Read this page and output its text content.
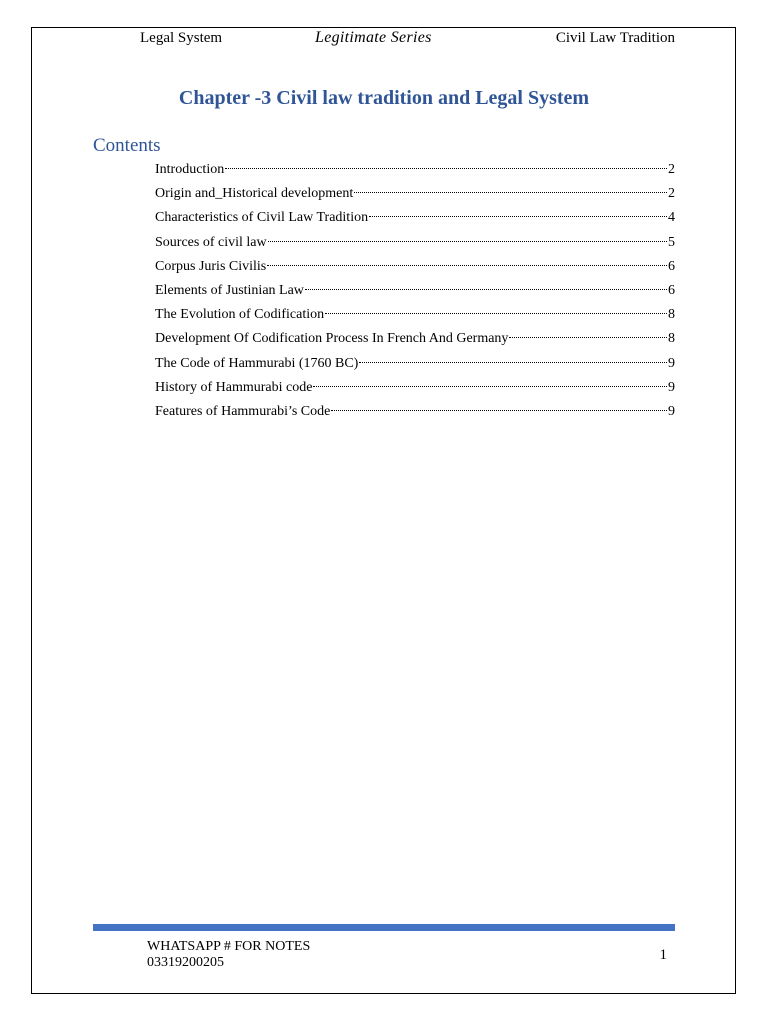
Legal System	Legitimate Series	Civil Law Tradition
Chapter -3 Civil law tradition and Legal System
Contents
Introduction	2
Origin and_Historical development	2
Characteristics of Civil Law Tradition	4
Sources of civil law	5
Corpus Juris Civilis	6
Elements of Justinian Law	6
The Evolution of Codification	8
Development Of Codification Process In French And Germany	8
The Code of Hammurabi (1760 BC)	9
History of Hammurabi code	9
Features of Hammurabi’s Code	9
WHATSAPP # FOR NOTES
03319200205	1
